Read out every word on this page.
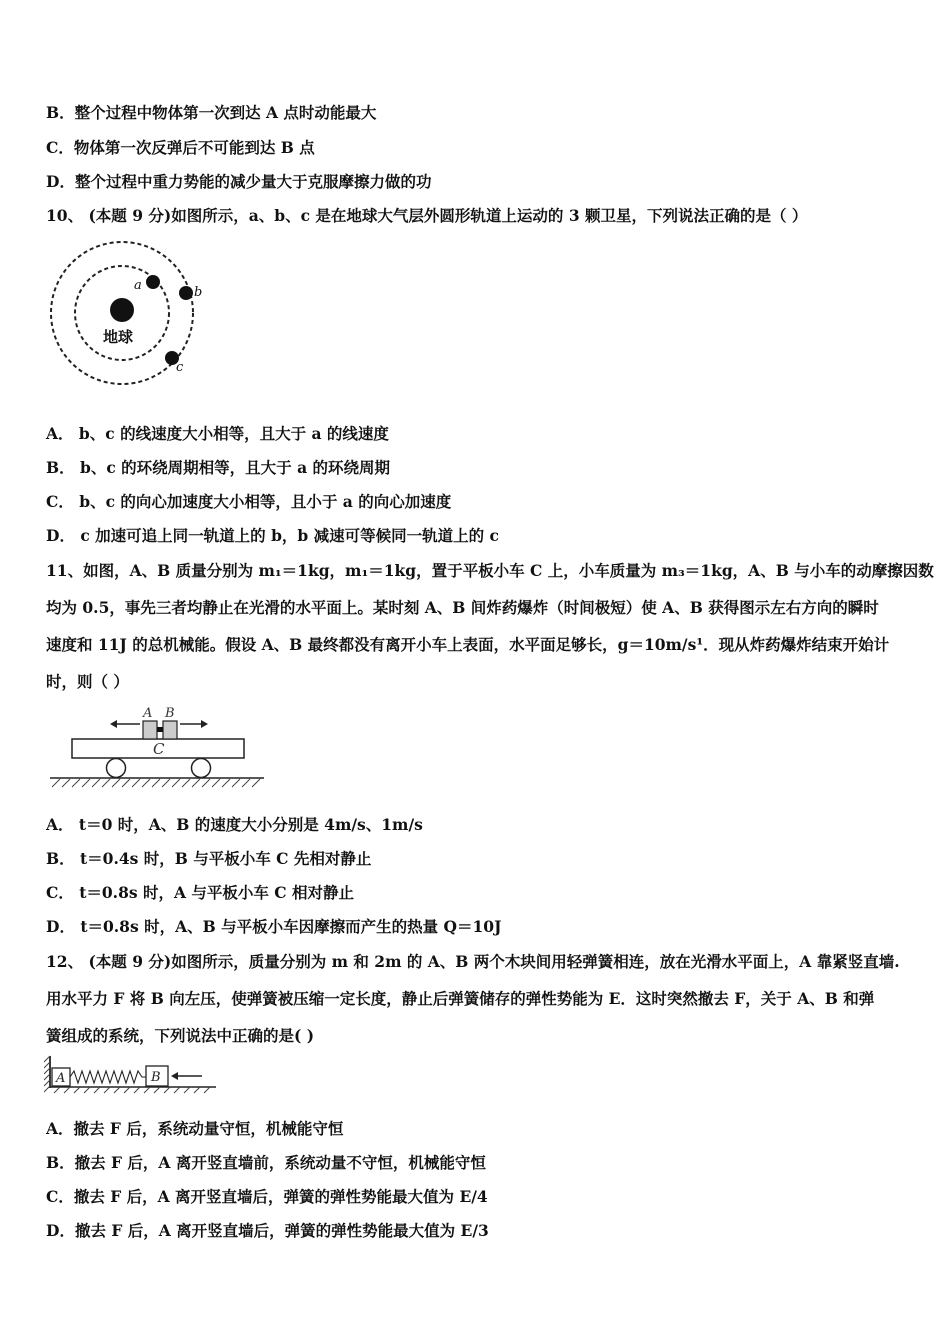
B．整个过程中物体第一次到达 A 点时动能最大
C．物体第一次反弹后不可能到达 B 点
D．整个过程中重力势能的减少量大于克服摩擦力做的功
10、 (本题 9 分)如图所示，a、b、c 是在地球大气层外圆形轨道上运动的 3 颗卫星，下列说法正确的是（ ）
地球
a	b
c
A． b、c 的线速度大小相等，且大于 a 的线速度
B． b、c 的环绕周期相等，且大于 a 的环绕周期
C． b、c 的向心加速度大小相等，且小于 a 的向心加速度
D． c 加速可追上同一轨道上的 b，b 减速可等候同一轨道上的 c
11、如图，A、B 质量分别为 m₁＝1kg，m₁＝1kg，置于平板小车 C 上，小车质量为 m₃＝1kg，A、B 与小车的动摩擦因数
均为 0.5，事先三者均静止在光滑的水平面上。某时刻 A、B 间炸药爆炸（时间极短）使 A、B 获得图示左右方向的瞬时
速度和 11J 的总机械能。假设 A、B 最终都没有离开小车上表面，水平面足够长，g＝10m/s¹．现从炸药爆炸结束开始计
时，则（ ）
C
A B
A． t＝0 时，A、B 的速度大小分别是 4m/s、1m/s
B． t＝0.4s 时，B 与平板小车 C 先相对静止
C． t＝0.8s 时，A 与平板小车 C 相对静止
D． t＝0.8s 时，A、B 与平板小车因摩擦而产生的热量 Q＝10J
12、 (本题 9 分)如图所示，质量分别为 m 和 2m 的 A、B 两个木块间用轻弹簧相连，放在光滑水平面上，A 靠紧竖直墙.
用水平力 F 将 B 向左压，使弹簧被压缩一定长度，静止后弹簧储存的弹性势能为 E．这时突然撤去 F，关于 A、B 和弹
簧组成的系统，下列说法中正确的是( )
A	B
A．撤去 F 后，系统动量守恒，机械能守恒
B．撤去 F 后，A 离开竖直墙前，系统动量不守恒，机械能守恒
C．撤去 F 后，A 离开竖直墙后，弹簧的弹性势能最大值为 E/4
D．撤去 F 后，A 离开竖直墙后，弹簧的弹性势能最大值为 E/3
